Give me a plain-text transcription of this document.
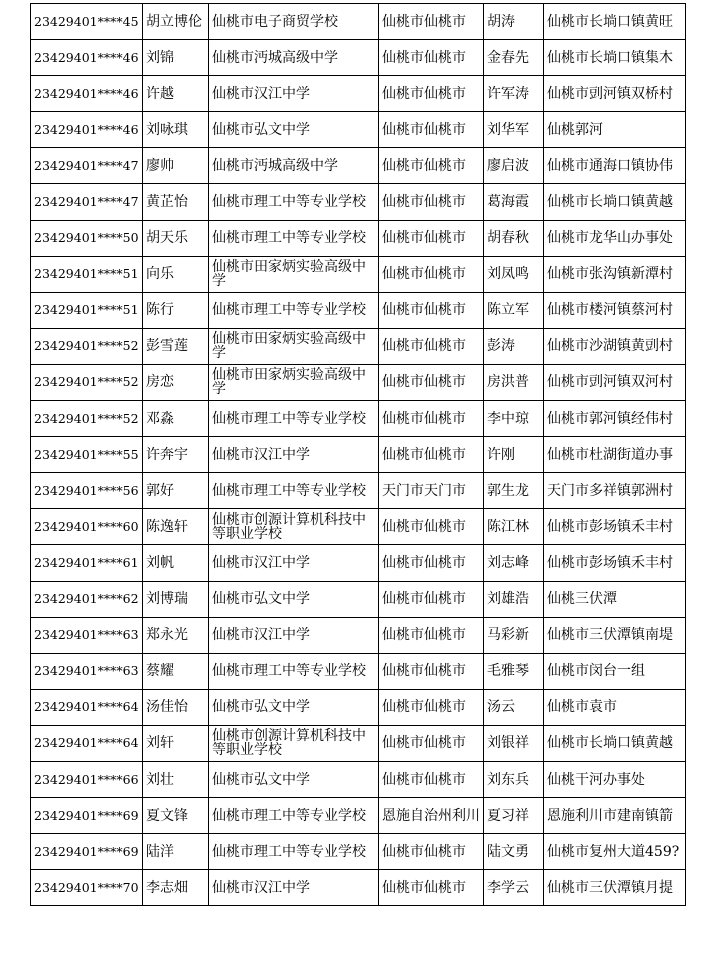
23429401****45	胡立博伦	仙桃市电子商贸学校	仙桃市仙桃市	胡涛	仙桃市长埫口镇黄旺
23429401****46	刘锦	仙桃市沔城高级中学	仙桃市仙桃市	金春先	仙桃市长埫口镇集木
23429401****46	许越	仙桃市汉江中学	仙桃市仙桃市	许军涛	仙桃市剅河镇双桥村
23429401****46	刘咏琪	仙桃市弘文中学	仙桃市仙桃市	刘华军	仙桃郭河
23429401****47	廖帅	仙桃市沔城高级中学	仙桃市仙桃市	廖启波	仙桃市通海口镇协伟
23429401****47	黄芷怡	仙桃市理工中等专业学校	仙桃市仙桃市	葛海霞	仙桃市长埫口镇黄越
23429401****50	胡天乐	仙桃市理工中等专业学校	仙桃市仙桃市	胡春秋	仙桃市龙华山办事处
23429401****51	向乐	仙桃市田家炳实验高级中学	仙桃市仙桃市	刘凤鸣	仙桃市张沟镇新潭村
23429401****51	陈行	仙桃市理工中等专业学校	仙桃市仙桃市	陈立军	仙桃市楼河镇蔡河村
23429401****52	彭雪莲	仙桃市田家炳实验高级中学	仙桃市仙桃市	彭涛	仙桃市沙湖镇黄剅村
23429401****52	房恋	仙桃市田家炳实验高级中学	仙桃市仙桃市	房洪普	仙桃市剅河镇双河村
23429401****52	邓淼	仙桃市理工中等专业学校	仙桃市仙桃市	李中琼	仙桃市郭河镇经伟村
23429401****55	许奔宇	仙桃市汉江中学	仙桃市仙桃市	许刚	仙桃市杜湖街道办事
23429401****56	郭好	仙桃市理工中等专业学校	天门市天门市	郭生龙	天门市多祥镇郭洲村
23429401****60	陈逸轩	仙桃市创源计算机科技中等职业学校	仙桃市仙桃市	陈江林	仙桃市彭场镇禾丰村
23429401****61	刘帆	仙桃市汉江中学	仙桃市仙桃市	刘志峰	仙桃市彭场镇禾丰村
23429401****62	刘博瑞	仙桃市弘文中学	仙桃市仙桃市	刘雄浩	仙桃三伏潭
23429401****63	郑永光	仙桃市汉江中学	仙桃市仙桃市	马彩新	仙桃市三伏潭镇南堤
23429401****63	蔡耀	仙桃市理工中等专业学校	仙桃市仙桃市	毛雅琴	仙桃市闵台一组
23429401****64	汤佳怡	仙桃市弘文中学	仙桃市仙桃市	汤云	仙桃市袁市
23429401****64	刘轩	仙桃市创源计算机科技中等职业学校	仙桃市仙桃市	刘银祥	仙桃市长埫口镇黄越
23429401****66	刘壮	仙桃市弘文中学	仙桃市仙桃市	刘东兵	仙桃干河办事处
23429401****69	夏文锋	仙桃市理工中等专业学校	恩施自治州利川	夏习祥	恩施利川市建南镇箭
23429401****69	陆洋	仙桃市理工中等专业学校	仙桃市仙桃市	陆文勇	仙桃市复州大道459?
23429401****70	李志畑	仙桃市汉江中学	仙桃市仙桃市	李学云	仙桃市三伏潭镇月提
